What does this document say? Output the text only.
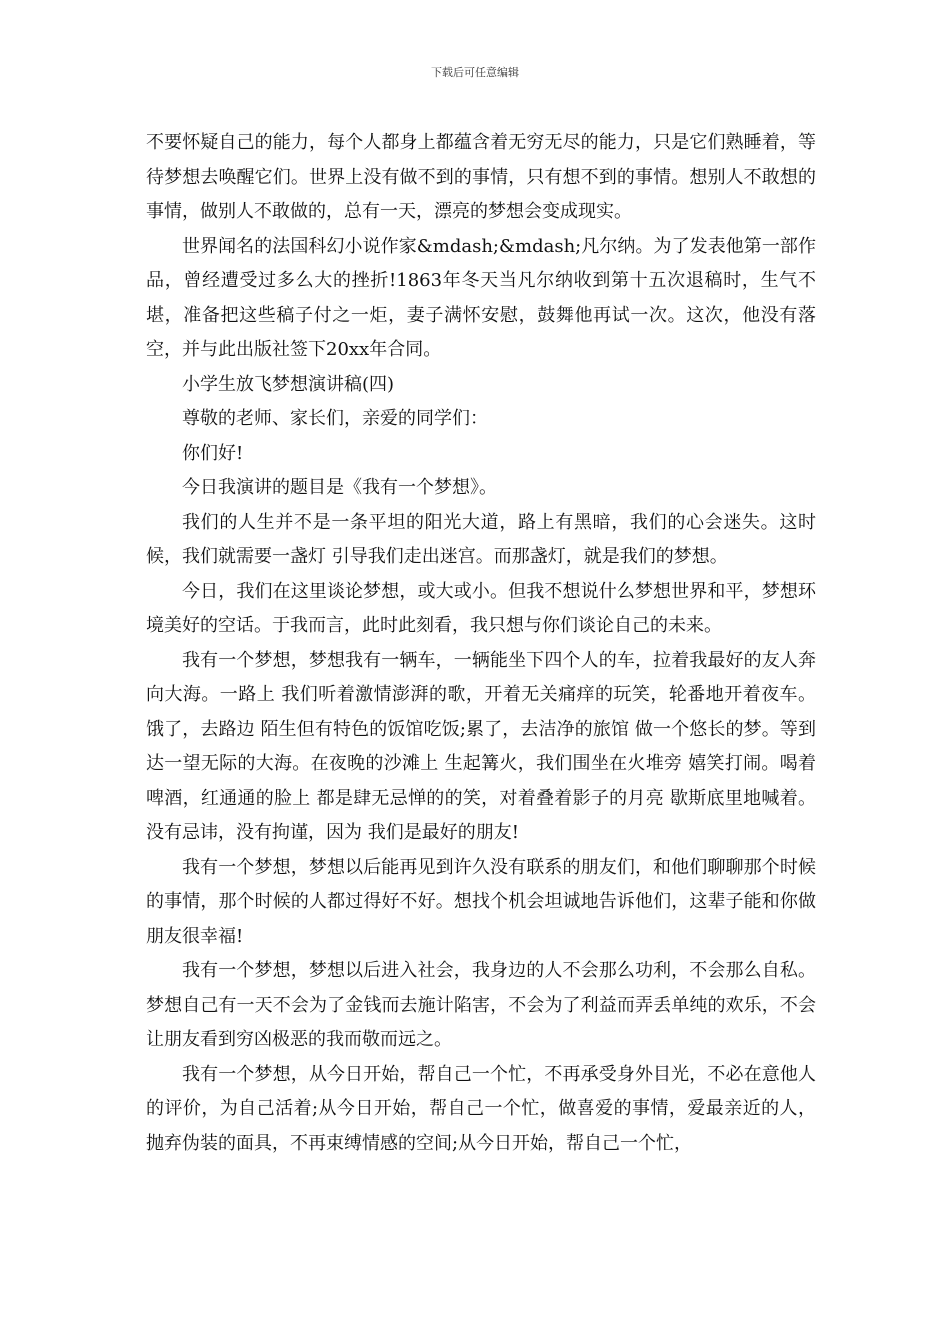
下载后可任意编辑

不要怀疑自己的能力，每个人都身上都蕴含着无穷无尽的能力，只是它们熟睡着，等待梦想去唤醒它们。世界上没有做不到的事情，只有想不到的事情。想别人不敢想的事情，做别人不敢做的，总有一天，漂亮的梦想会变成现实。

世界闻名的法国科幻小说作家&mdash;&mdash;凡尔纳。为了发表他第一部作品，曾经遭受过多么大的挫折!1863年冬天当凡尔纳收到第十五次退稿时，生气不堪，准备把这些稿子付之一炬，妻子满怀安慰，鼓舞他再试一次。这次，他没有落空，并与此出版社签下20xx年合同。

小学生放飞梦想演讲稿(四)

尊敬的老师、家长们，亲爱的同学们：

你们好!

今日我演讲的题目是《我有一个梦想》。

我们的人生并不是一条平坦的阳光大道，路上有黑暗，我们的心会迷失。这时候，我们就需要一盏灯 引导我们走出迷宫。而那盏灯，就是我们的梦想。

今日，我们在这里谈论梦想，或大或小。但我不想说什么梦想世界和平，梦想环境美好的空话。于我而言，此时此刻看，我只想与你们谈论自己的未来。

我有一个梦想，梦想我有一辆车，一辆能坐下四个人的车，拉着我最好的友人奔向大海。一路上 我们听着激情澎湃的歌，开着无关痛痒的玩笑，轮番地开着夜车。饿了，去路边 陌生但有特色的饭馆吃饭;累了，去洁净的旅馆 做一个悠长的梦。等到达一望无际的大海。在夜晚的沙滩上 生起篝火，我们围坐在火堆旁 嬉笑打闹。喝着啤酒，红通通的脸上 都是肆无忌惮的的笑，对着叠着影子的月亮 歇斯底里地喊着。没有忌讳，没有拘谨，因为 我们是最好的朋友!

我有一个梦想，梦想以后能再见到许久没有联系的朋友们，和他们聊聊那个时候的事情，那个时候的人都过得好不好。想找个机会坦诚地告诉他们，这辈子能和你做朋友很幸福!

我有一个梦想，梦想以后进入社会，我身边的人不会那么功利，不会那么自私。梦想自己有一天不会为了金钱而去施计陷害，不会为了利益而弄丢单纯的欢乐，不会让朋友看到穷凶极恶的我而敬而远之。

我有一个梦想，从今日开始，帮自己一个忙，不再承受身外目光，不必在意他人的评价，为自己活着;从今日开始，帮自己一个忙，做喜爱的事情，爱最亲近的人，抛弃伪装的面具，不再束缚情感的空间;从今日开始，帮自己一个忙，
